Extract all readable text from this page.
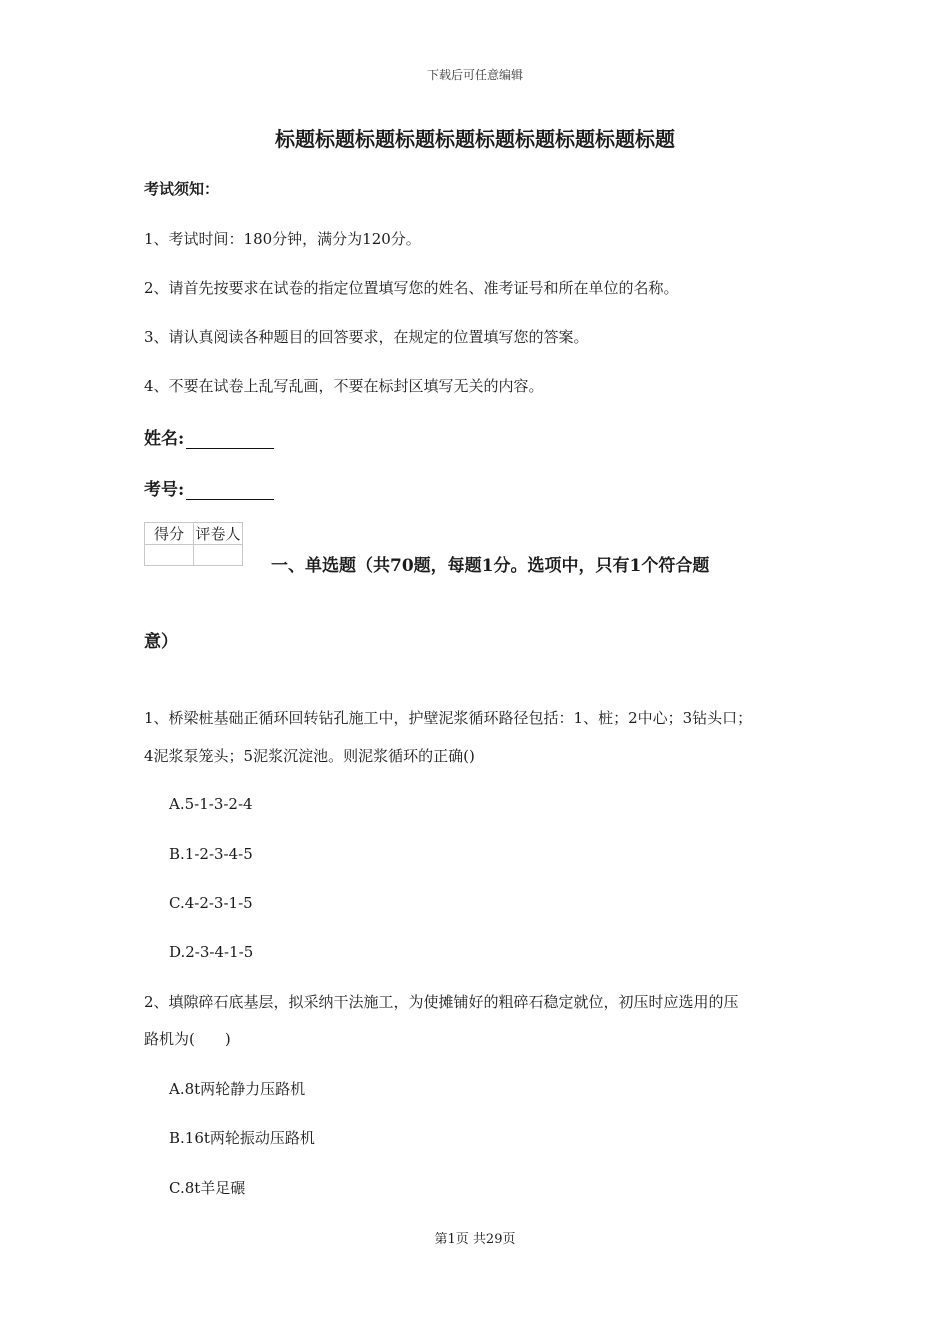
下载后可任意编辑
标题标题标题标题标题标题标题标题标题标题
考试须知：
1、考试时间：180分钟，满分为120分。
2、请首先按要求在试卷的指定位置填写您的姓名、准考证号和所在单位的名称。
3、请认真阅读各种题目的回答要求，在规定的位置填写您的答案。
4、不要在试卷上乱写乱画，不要在标封区填写无关的内容。
姓名:
考号:
得分	评卷人

一、单选题（共70题，每题1分。选项中，只有1个符合题
意）
1、桥梁桩基础正循环回转钻孔施工中，护壁泥浆循环路径包括：1、桩；2中心；3钻头口；
4泥浆泵笼头；5泥浆沉淀池。则泥浆循环的正确()
A.5-1-3-2-4
B.1-2-3-4-5
C.4-2-3-1-5
D.2-3-4-1-5
2、填隙碎石底基层，拟采纳干法施工，为使摊铺好的粗碎石稳定就位，初压时应选用的压
路机为(　　)
A.8t两轮静力压路机
B.16t两轮振动压路机
C.8t羊足碾
第1页 共29页
